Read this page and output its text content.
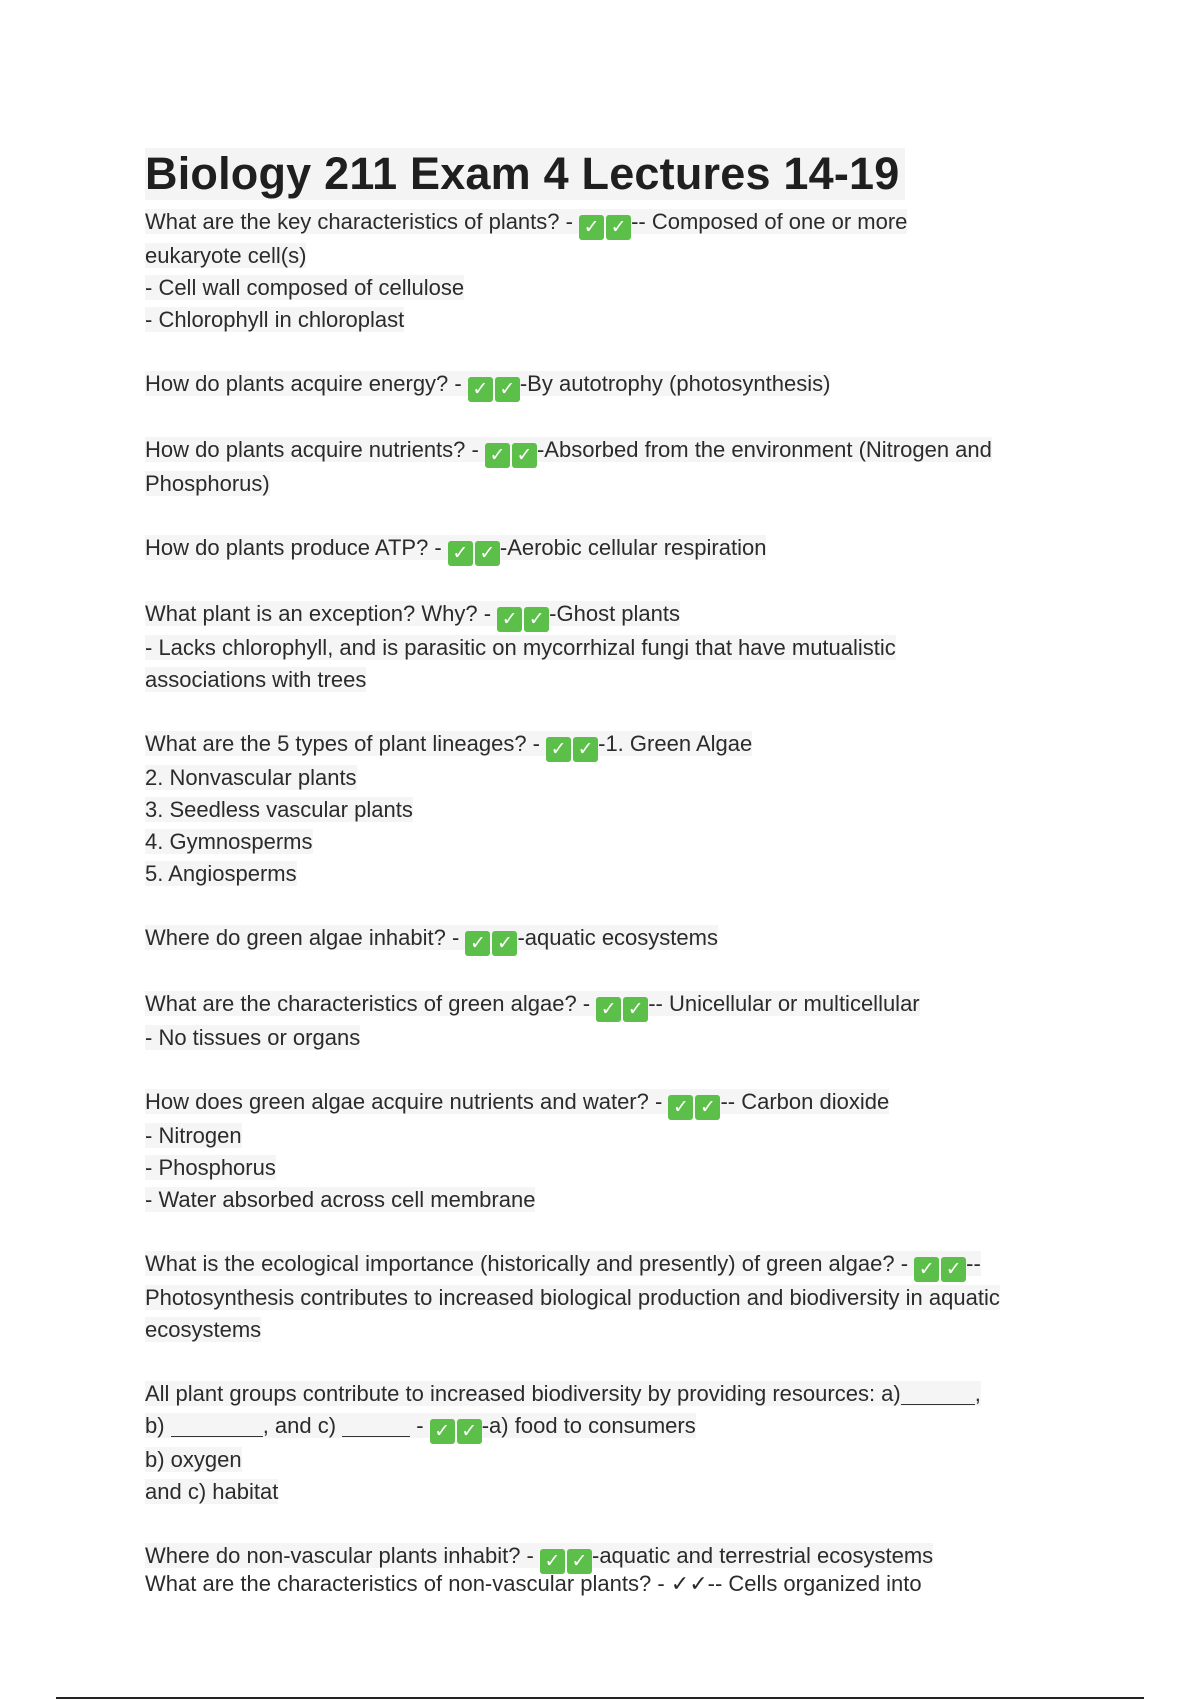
Biology 211 Exam 4 Lectures 14-19
What are the key characteristics of plants? - ✓ ✓ -- Composed of one or more
eukaryote cell(s)
- Cell wall composed of cellulose
- Chlorophyll in chloroplast
How do plants acquire energy? - ✓ ✓ -By autotrophy (photosynthesis)
How do plants acquire nutrients? - ✓ ✓ -Absorbed from the environment (Nitrogen and
Phosphorus)
How do plants produce ATP? - ✓ ✓ -Aerobic cellular respiration
What plant is an exception? Why? - ✓ ✓ -Ghost plants
- Lacks chlorophyll, and is parasitic on mycorrhizal fungi that have mutualistic
associations with trees
What are the 5 types of plant lineages? - ✓ ✓ -1. Green Algae
2. Nonvascular plants
3. Seedless vascular plants
4. Gymnosperms
5. Angiosperms
Where do green algae inhabit? - ✓ ✓ -aquatic ecosystems
What are the characteristics of green algae? - ✓ ✓ -- Unicellular or multicellular
- No tissues or organs
How does green algae acquire nutrients and water? - ✓ ✓ -- Carbon dioxide
- Nitrogen
- Phosphorus
- Water absorbed across cell membrane
What is the ecological importance (historically and presently) of green algae? - ✓ ✓ --
Photosynthesis contributes to increased biological production and biodiversity in aquatic
ecosystems
All plant groups contribute to increased biodiversity by providing resources: a)	,
b)	, and c)	- ✓ ✓ -a) food to consumers
b) oxygen
and c) habitat
Where do non-vascular plants inhabit? - ✓ ✓ -aquatic and terrestrial ecosystems
What are the characteristics of non-vascular plants? - ✓✓-- Cells organized into
